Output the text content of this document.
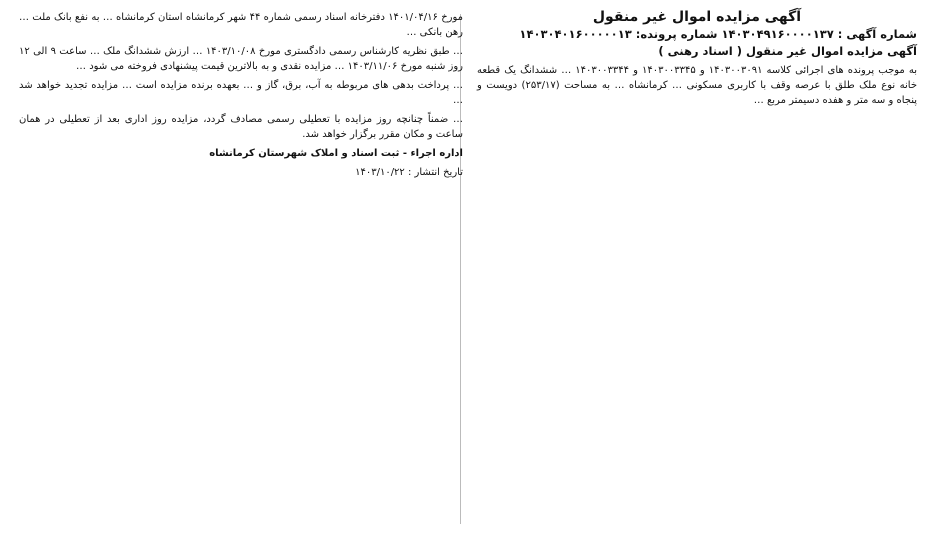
آگهی مزایده اموال غیر منقول
شماره آگهی : ۱۴۰۳۰۴۹۱۶۰۰۰۰۱۳۷ شماره پرونده: ۱۴۰۳۰۴۰۱۶۰۰۰۰۰۱۳
آگهی مزایده اموال غیر منقول ( اسناد رهنی )

به موجب پرونده های اجرائی کلاسه ۱۴۰۳۰۰۳۰۹۱ و ۱۴۰۳۰۰۳۳۴۵ و ۱۴۰۳۰۰۳۳۴۴ … ششدانگ یک قطعه خانه نوع ملک طلق با عرصه وقف با کاربری مسکونی … کرمانشاه … به مساحت (۲۵۳/۱۷) دویست و پنجاه و سه متر و هفده دسیمتر مربع …

مورخ ۱۴۰۱/۰۴/۱۶ دفترخانه اسناد رسمی شماره ۴۴ شهر کرمانشاه استان کرمانشاه … به نفع بانک ملت … رهن بانکی …

… طبق نظریه کارشناس رسمی دادگستری مورخ ۱۴۰۳/۱۰/۰۸ … ارزش ششدانگ ملک … ساعت ۹ الی ۱۲ روز شنبه مورخ ۱۴۰۳/۱۱/۰۶ … مزایده نقدی و به بالاترین قیمت پیشنهادی فروخته می شود …

… پرداخت بدهی های مربوطه به آب، برق، گاز و … بعهده برنده مزایده است … مزایده تجدید خواهد شد …

… ضمناً چنانچه روز مزایده با تعطیلی رسمی مصادف گردد، مزایده روز اداری بعد از تعطیلی در همان ساعت و مکان مقرر برگزار خواهد شد.

اداره اجراء - ثبت اسناد و املاک شهرستان کرمانشاه

تاریخ انتشار : ۱۴۰۳/۱۰/۲۲
